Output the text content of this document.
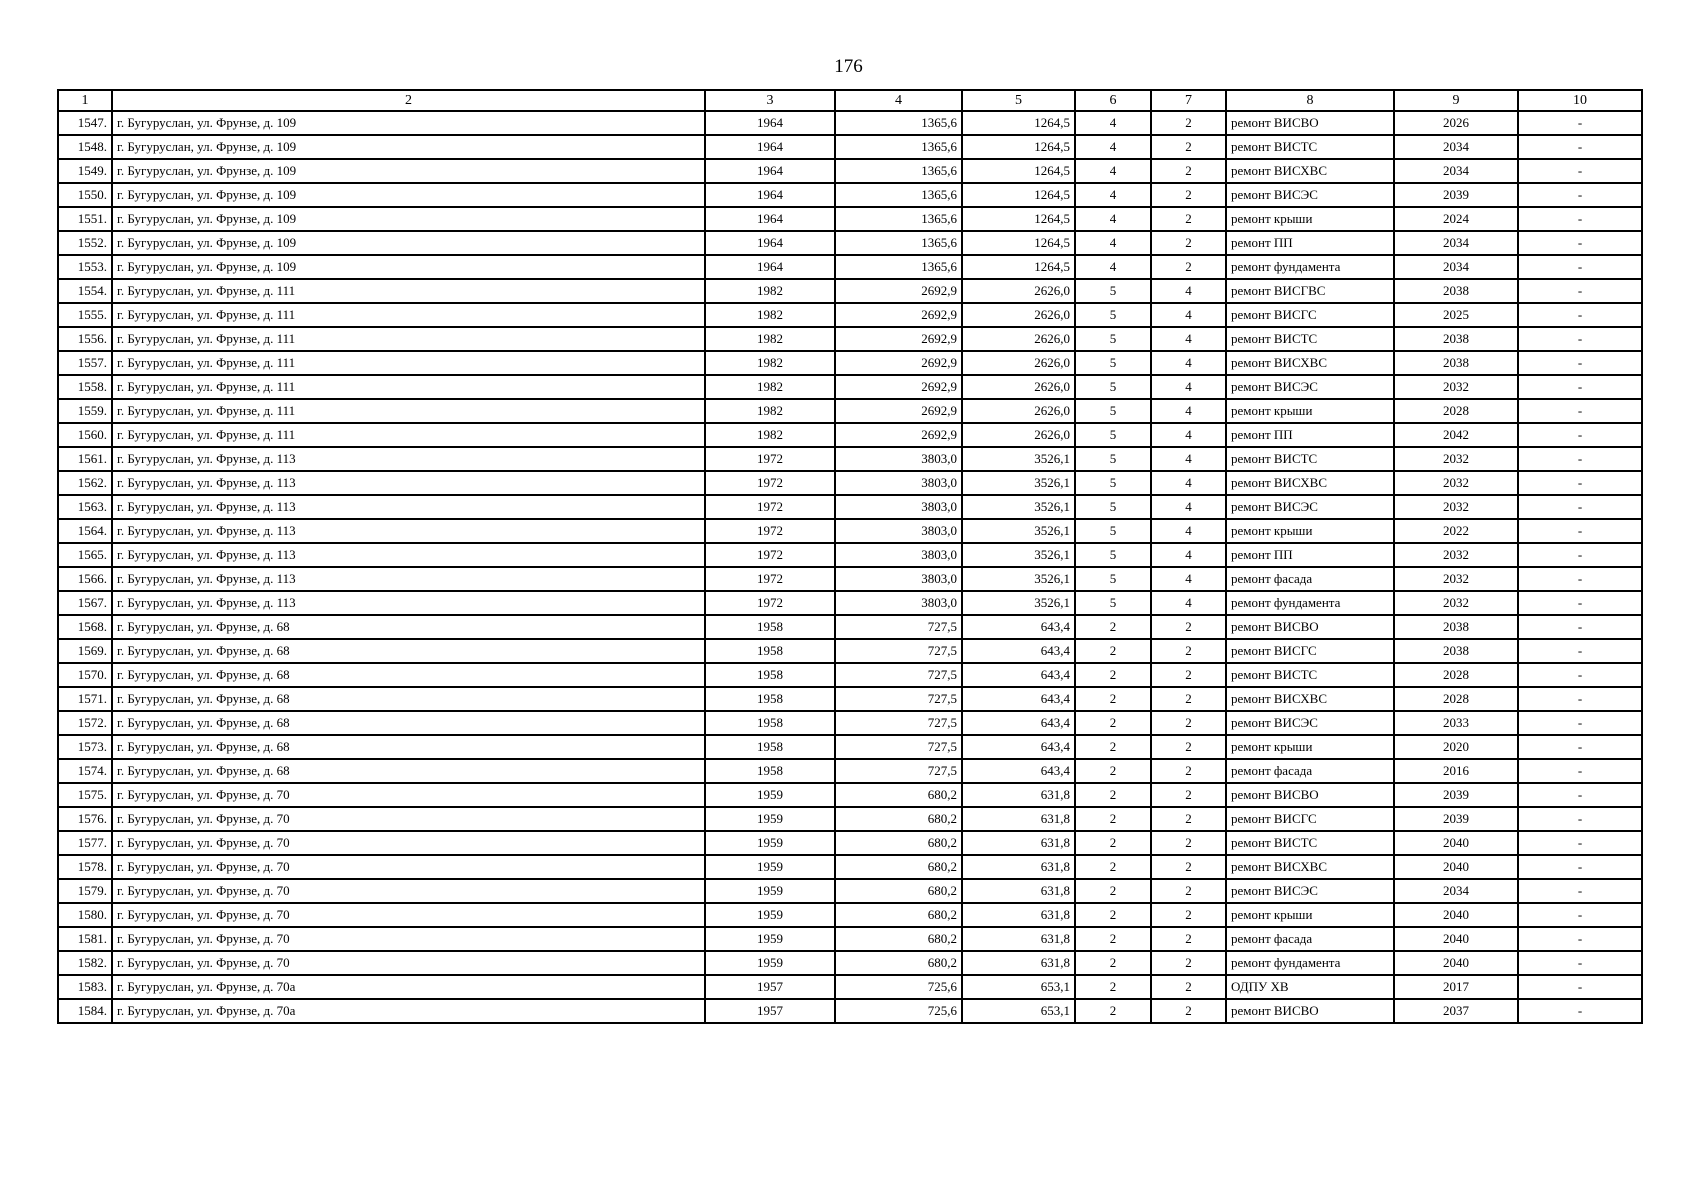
176
1	2	3	4	5	6	7	8	9	10
1547.	г. Бугуруслан, ул. Фрунзе, д. 109	1964	1365,6	1264,5	4	2	ремонт ВИСВО	2026	-
1548.	г. Бугуруслан, ул. Фрунзе, д. 109	1964	1365,6	1264,5	4	2	ремонт ВИСТС	2034	-
1549.	г. Бугуруслан, ул. Фрунзе, д. 109	1964	1365,6	1264,5	4	2	ремонт ВИСХВС	2034	-
1550.	г. Бугуруслан, ул. Фрунзе, д. 109	1964	1365,6	1264,5	4	2	ремонт ВИСЭС	2039	-
1551.	г. Бугуруслан, ул. Фрунзе, д. 109	1964	1365,6	1264,5	4	2	ремонт крыши	2024	-
1552.	г. Бугуруслан, ул. Фрунзе, д. 109	1964	1365,6	1264,5	4	2	ремонт ПП	2034	-
1553.	г. Бугуруслан, ул. Фрунзе, д. 109	1964	1365,6	1264,5	4	2	ремонт фундамента	2034	-
1554.	г. Бугуруслан, ул. Фрунзе, д. 111	1982	2692,9	2626,0	5	4	ремонт ВИСГВС	2038	-
1555.	г. Бугуруслан, ул. Фрунзе, д. 111	1982	2692,9	2626,0	5	4	ремонт ВИСГС	2025	-
1556.	г. Бугуруслан, ул. Фрунзе, д. 111	1982	2692,9	2626,0	5	4	ремонт ВИСТС	2038	-
1557.	г. Бугуруслан, ул. Фрунзе, д. 111	1982	2692,9	2626,0	5	4	ремонт ВИСХВС	2038	-
1558.	г. Бугуруслан, ул. Фрунзе, д. 111	1982	2692,9	2626,0	5	4	ремонт ВИСЭС	2032	-
1559.	г. Бугуруслан, ул. Фрунзе, д. 111	1982	2692,9	2626,0	5	4	ремонт крыши	2028	-
1560.	г. Бугуруслан, ул. Фрунзе, д. 111	1982	2692,9	2626,0	5	4	ремонт ПП	2042	-
1561.	г. Бугуруслан, ул. Фрунзе, д. 113	1972	3803,0	3526,1	5	4	ремонт ВИСТС	2032	-
1562.	г. Бугуруслан, ул. Фрунзе, д. 113	1972	3803,0	3526,1	5	4	ремонт ВИСХВС	2032	-
1563.	г. Бугуруслан, ул. Фрунзе, д. 113	1972	3803,0	3526,1	5	4	ремонт ВИСЭС	2032	-
1564.	г. Бугуруслан, ул. Фрунзе, д. 113	1972	3803,0	3526,1	5	4	ремонт крыши	2022	-
1565.	г. Бугуруслан, ул. Фрунзе, д. 113	1972	3803,0	3526,1	5	4	ремонт ПП	2032	-
1566.	г. Бугуруслан, ул. Фрунзе, д. 113	1972	3803,0	3526,1	5	4	ремонт фасада	2032	-
1567.	г. Бугуруслан, ул. Фрунзе, д. 113	1972	3803,0	3526,1	5	4	ремонт фундамента	2032	-
1568.	г. Бугуруслан, ул. Фрунзе, д. 68	1958	727,5	643,4	2	2	ремонт ВИСВО	2038	-
1569.	г. Бугуруслан, ул. Фрунзе, д. 68	1958	727,5	643,4	2	2	ремонт ВИСГС	2038	-
1570.	г. Бугуруслан, ул. Фрунзе, д. 68	1958	727,5	643,4	2	2	ремонт ВИСТС	2028	-
1571.	г. Бугуруслан, ул. Фрунзе, д. 68	1958	727,5	643,4	2	2	ремонт ВИСХВС	2028	-
1572.	г. Бугуруслан, ул. Фрунзе, д. 68	1958	727,5	643,4	2	2	ремонт ВИСЭС	2033	-
1573.	г. Бугуруслан, ул. Фрунзе, д. 68	1958	727,5	643,4	2	2	ремонт крыши	2020	-
1574.	г. Бугуруслан, ул. Фрунзе, д. 68	1958	727,5	643,4	2	2	ремонт фасада	2016	-
1575.	г. Бугуруслан, ул. Фрунзе, д. 70	1959	680,2	631,8	2	2	ремонт ВИСВО	2039	-
1576.	г. Бугуруслан, ул. Фрунзе, д. 70	1959	680,2	631,8	2	2	ремонт ВИСГС	2039	-
1577.	г. Бугуруслан, ул. Фрунзе, д. 70	1959	680,2	631,8	2	2	ремонт ВИСТС	2040	-
1578.	г. Бугуруслан, ул. Фрунзе, д. 70	1959	680,2	631,8	2	2	ремонт ВИСХВС	2040	-
1579.	г. Бугуруслан, ул. Фрунзе, д. 70	1959	680,2	631,8	2	2	ремонт ВИСЭС	2034	-
1580.	г. Бугуруслан, ул. Фрунзе, д. 70	1959	680,2	631,8	2	2	ремонт крыши	2040	-
1581.	г. Бугуруслан, ул. Фрунзе, д. 70	1959	680,2	631,8	2	2	ремонт фасада	2040	-
1582.	г. Бугуруслан, ул. Фрунзе, д. 70	1959	680,2	631,8	2	2	ремонт фундамента	2040	-
1583.	г. Бугуруслан, ул. Фрунзе, д. 70а	1957	725,6	653,1	2	2	ОДПУ ХВ	2017	-
1584.	г. Бугуруслан, ул. Фрунзе, д. 70а	1957	725,6	653,1	2	2	ремонт ВИСВО	2037	-
